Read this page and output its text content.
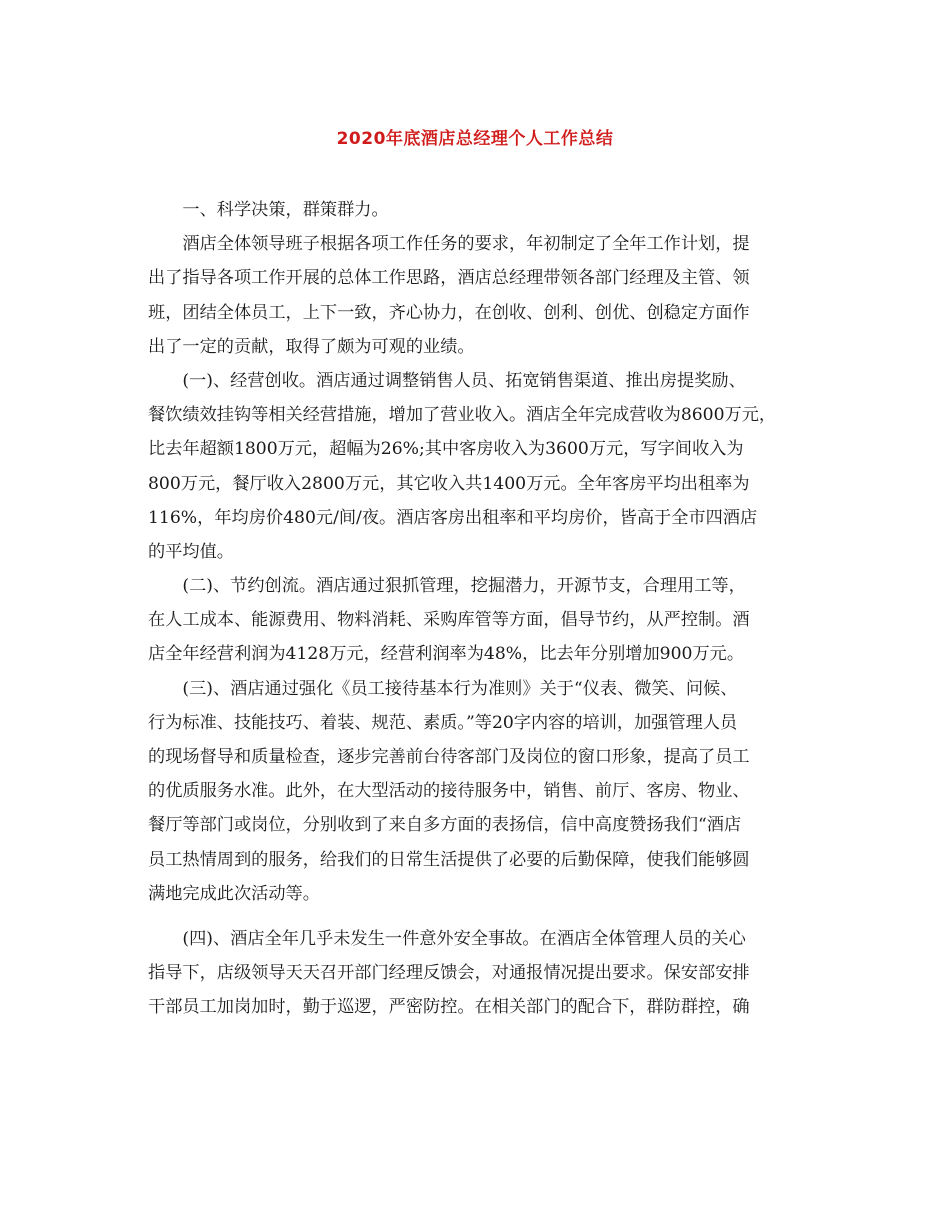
2020年底酒店总经理个人工作总结
　　一、科学决策，群策群力。
　　酒店全体领导班子根据各项工作任务的要求，年初制定了全年工作计划，提
出了指导各项工作开展的总体工作思路，酒店总经理带领各部门经理及主管、领
班，团结全体员工，上下一致，齐心协力，在创收、创利、创优、创稳定方面作
出了一定的贡献，取得了颇为可观的业绩。
　　(一)、经营创收。酒店通过调整销售人员、拓宽销售渠道、推出房提奖励、
餐饮绩效挂钩等相关经营措施，增加了营业收入。酒店全年完成营收为8600万元，
比去年超额1800万元，超幅为26%;其中客房收入为3600万元，写字间收入为
800万元，餐厅收入2800万元，其它收入共1400万元。全年客房平均出租率为
116%，年均房价480元/间/夜。酒店客房出租率和平均房价，皆高于全市四酒店
的平均值。
　　(二)、节约创流。酒店通过狠抓管理，挖掘潜力，开源节支，合理用工等，
在人工成本、能源费用、物料消耗、采购库管等方面，倡导节约，从严控制。酒
店全年经营利润为4128万元，经营利润率为48%，比去年分别增加900万元。
　　(三)、酒店通过强化《员工接待基本行为准则》关于“仪表、微笑、问候、
行为标准、技能技巧、着装、规范、素质。”等20字内容的培训，加强管理人员
的现场督导和质量检查，逐步完善前台待客部门及岗位的窗口形象，提高了员工
的优质服务水准。此外，在大型活动的接待服务中，销售、前厅、客房、物业、
餐厅等部门或岗位，分别收到了来自多方面的表扬信，信中高度赞扬我们“酒店
员工热情周到的服务，给我们的日常生活提供了必要的后勤保障，使我们能够圆
满地完成此次活动等。
　　(四)、酒店全年几乎未发生一件意外安全事故。在酒店全体管理人员的关心
指导下，店级领导天天召开部门经理反馈会，对通报情况提出要求。保安部安排
干部员工加岗加时，勤于巡逻，严密防控。在相关部门的配合下，群防群控，确
